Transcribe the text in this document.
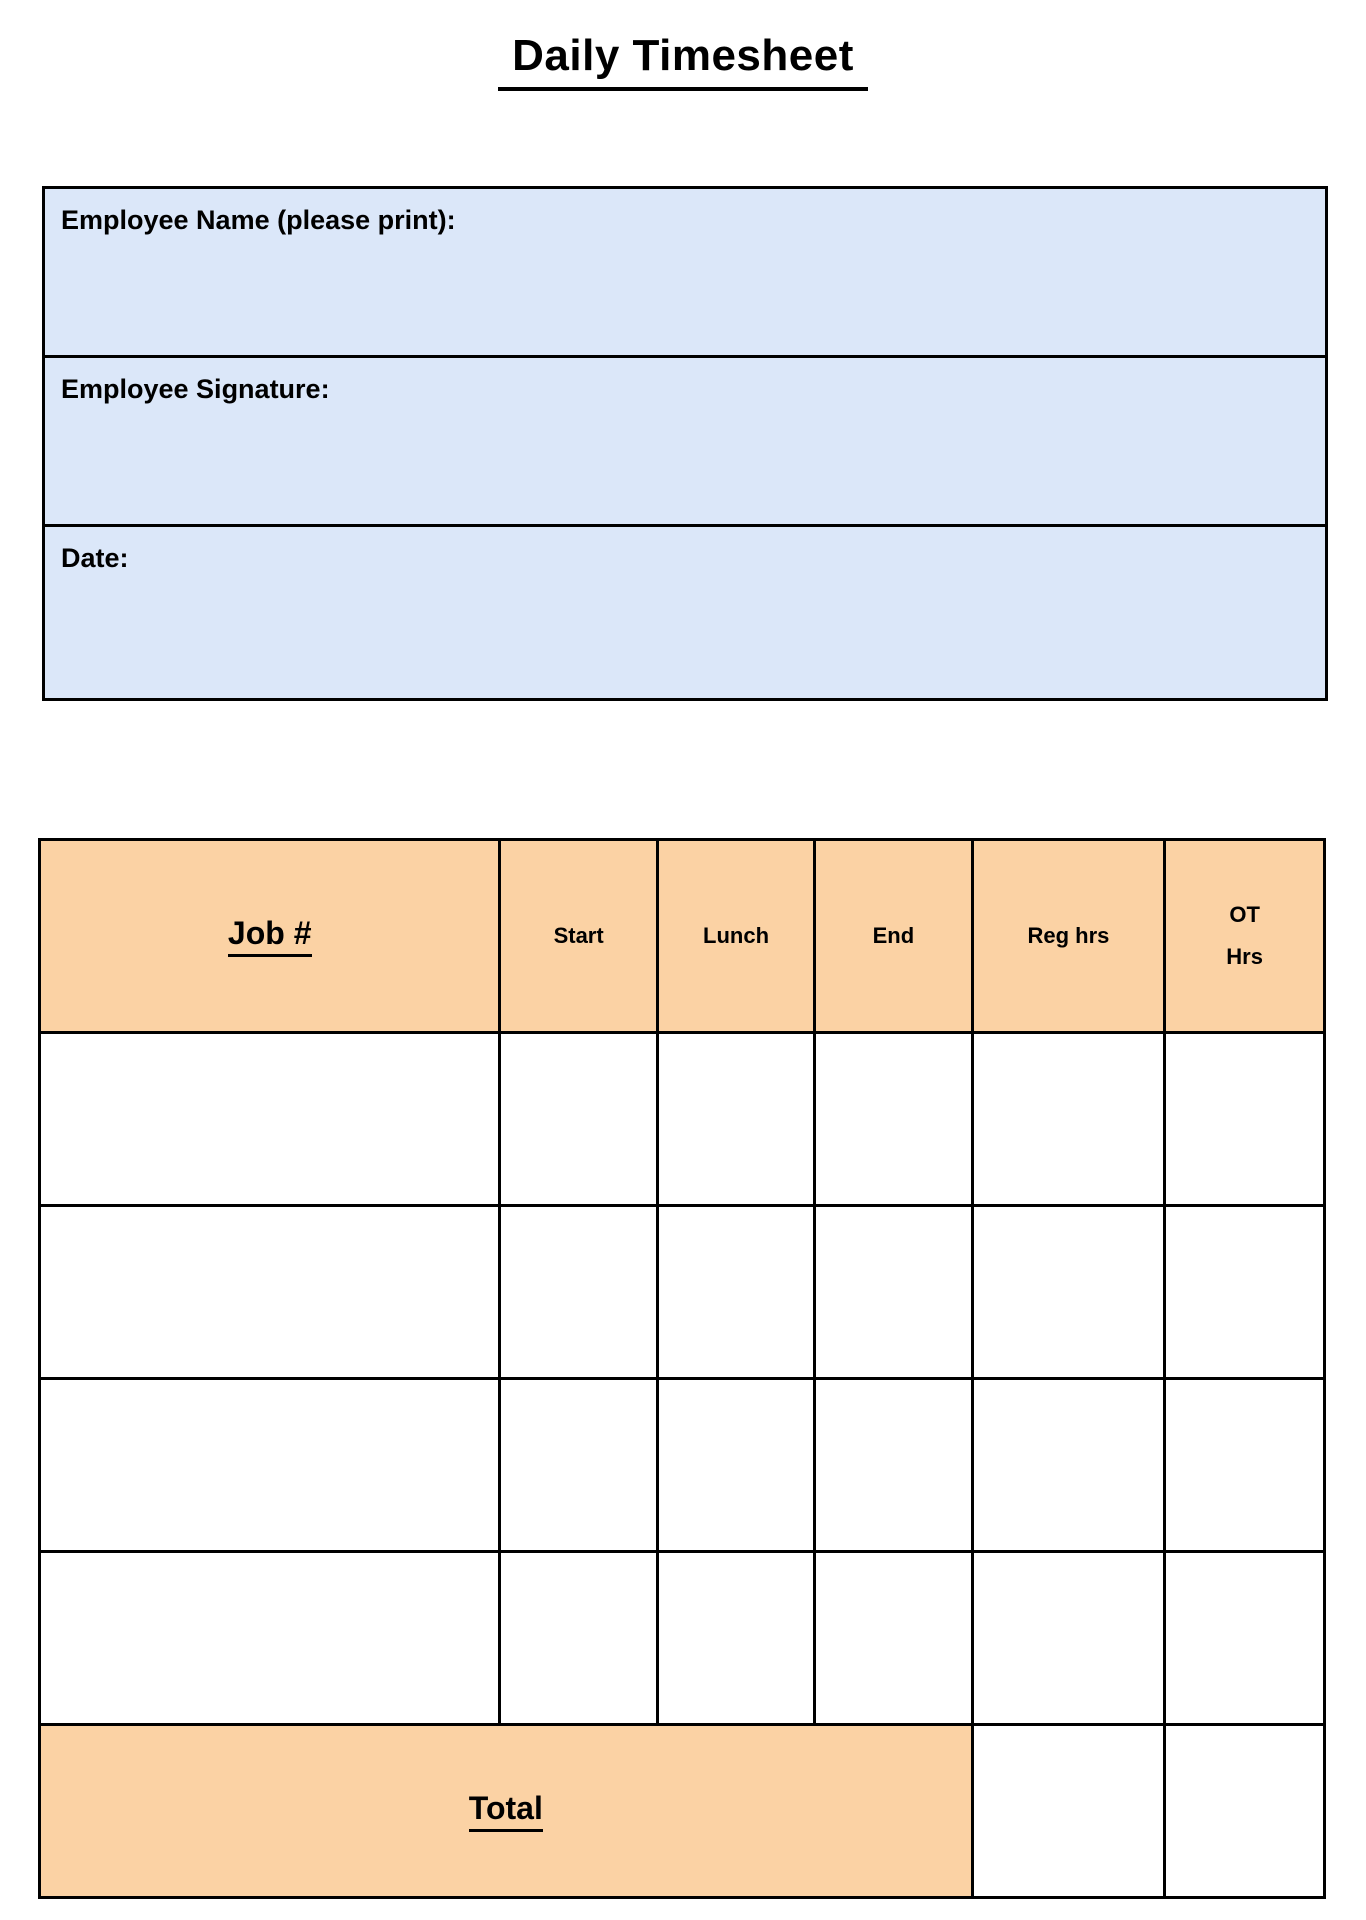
Daily Timesheet
Employee Name (please print):
Employee Signature:
Date:
Job #	Start	Lunch	End	Reg hrs	OT
Hrs

Total					
